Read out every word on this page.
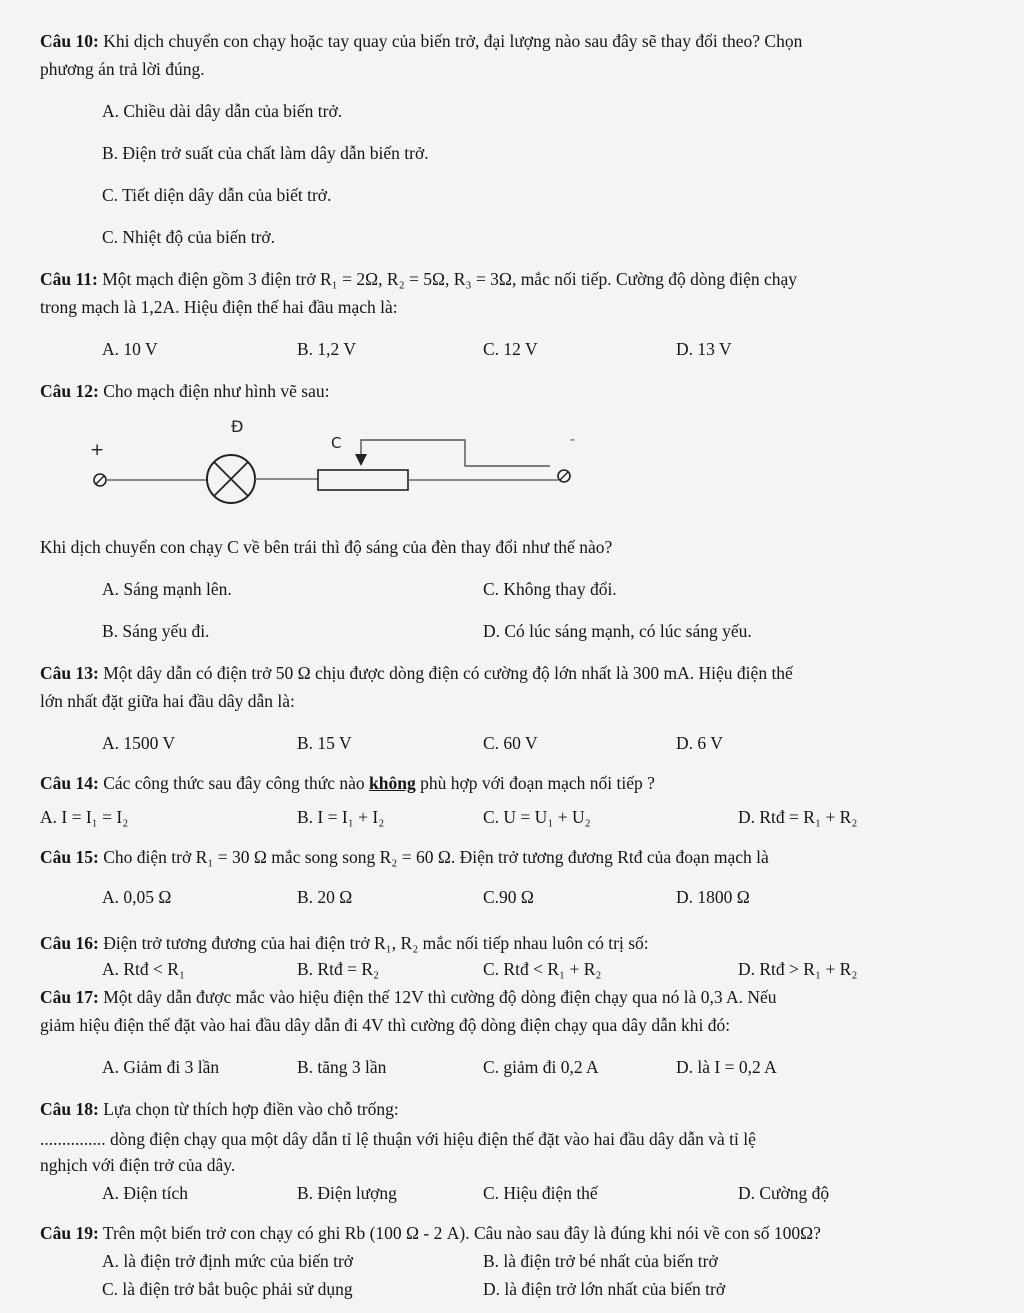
Câu 10: Khi dịch chuyển con chạy hoặc tay quay của biến trở, đại lượng nào sau đây sẽ thay đổi theo? Chọn
phương án trả lời đúng.
A. Chiều dài dây dẫn của biến trở.
B. Điện trở suất của chất làm dây dẫn biến trở.
C. Tiết diện dây dẫn của biết trở.
C. Nhiệt độ của biến trở.
Câu 11: Một mạch điện gồm 3 điện trở R₁ = 2Ω, R₂ = 5Ω, R₃ = 3Ω, mắc nối tiếp. Cường độ dòng điện chạy
trong mạch là 1,2A. Hiệu điện thế hai đầu mạch là:
A. 10 V	B. 1,2 V	C. 12 V	D. 13 V
Câu 12: Cho mạch điện như hình vẽ sau:
+
Đ
C	-
Khi dịch chuyển con chạy C về bên trái thì độ sáng của đèn thay đổi như thế nào?
A. Sáng mạnh lên.	C. Không thay đổi.
B. Sáng yếu đi.	D. Có lúc sáng mạnh, có lúc sáng yếu.
Câu 13: Một dây dẫn có điện trở 50 Ω chịu được dòng điện có cường độ lớn nhất là 300 mA. Hiệu điện thế
lớn nhất đặt giữa hai đầu dây dẫn là:
A. 1500 V	B. 15 V	C. 60 V	D. 6 V
Câu 14: Các công thức sau đây công thức nào không phù hợp với đoạn mạch nối tiếp ?
A. I = I₁ = I₂	B. I = I₁ + I₂	C. U = U₁ + U₂	D. Rtđ = R₁ + R₂
Câu 15: Cho điện trở R₁ = 30 Ω mắc song song R₂ = 60 Ω. Điện trở tương đương Rtđ của đoạn mạch là
A. 0,05 Ω	B. 20 Ω	C.90 Ω	D. 1800 Ω
Câu 16: Điện trở tương đương của hai điện trở R₁, R₂ mắc nối tiếp nhau luôn có trị số:
A. Rtđ < R₁	B. Rtđ = R₂	C. Rtđ < R₁ + R₂	D. Rtđ > R₁ + R₂
Câu 17: Một dây dẫn được mắc vào hiệu điện thế 12V thì cường độ dòng điện chạy qua nó là 0,3 A. Nếu
giảm hiệu điện thế đặt vào hai đầu dây dẫn đi 4V thì cường độ dòng điện chạy qua dây dẫn khi đó:
A. Giảm đi 3 lần	B. tăng 3 lần	C. giảm đi 0,2 A	D. là I = 0,2 A
Câu 18: Lựa chọn từ thích hợp điền vào chỗ trống:
............... dòng điện chạy qua một dây dẫn tỉ lệ thuận với hiệu điện thế đặt vào hai đầu dây dẫn và tỉ lệ
nghịch với điện trở của dây.
A. Điện tích	B. Điện lượng	C. Hiệu điện thế	D. Cường độ
Câu 19: Trên một biến trở con chạy có ghi Rb (100 Ω - 2 A). Câu nào sau đây là đúng khi nói về con số 100Ω?
A. là điện trở định mức của biến trở	B. là điện trở bé nhất của biến trở
C. là điện trở bắt buộc phải sử dụng	D. là điện trở lớn nhất của biến trở
